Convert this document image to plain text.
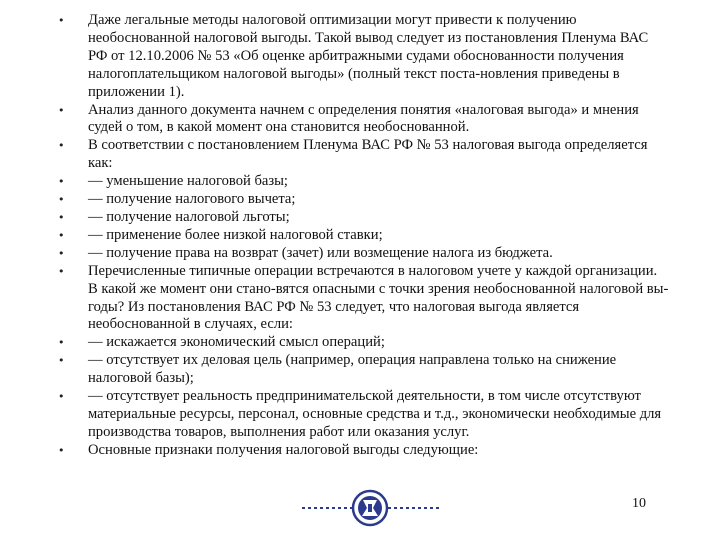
• Даже легальные методы налоговой оптимизации могут привести к получению необоснованной налоговой выгоды. Такой вывод следует из постановления Пленума ВАС РФ от 12.10.2006 № 53 «Об оценке арбитражными судами обоснованности получения налогоплательщиком налоговой выгоды» (полный текст поста-новления приведены в приложении 1).
• Анализ данного документа начнем с определения понятия «налоговая выгода» и мнения судей о том, в какой момент она становится необоснованной.
• В соответствии с постановлением Пленума ВАС РФ № 53 налоговая выгода определяется как:
• — уменьшение налоговой базы;
• — получение налогового вычета;
• — получение налоговой льготы;
• — применение более низкой налоговой ставки;
• — получение права на возврат (зачет) или возмещение налога из бюджета.
• Перечисленные типичные операции встречаются в налоговом учете у каждой организации. В какой же момент они стано-вятся опасными с точки зрения необоснованной налоговой вы-годы? Из постановления ВАС РФ № 53 следует, что налоговая выгода является необоснованной в случаях, если:
• — искажается экономический смысл операций;
• — отсутствует их деловая цель (например, операция направлена только на снижение налоговой базы);
• — отсутствует реальность предпринимательской деятельности, в том числе отсутствуют материальные ресурсы, персонал, основные средства и т.д., экономически необходимые для производства товаров, выполнения работ или оказания услуг.
• Основные признаки получения налоговой выгоды следующие:
10
